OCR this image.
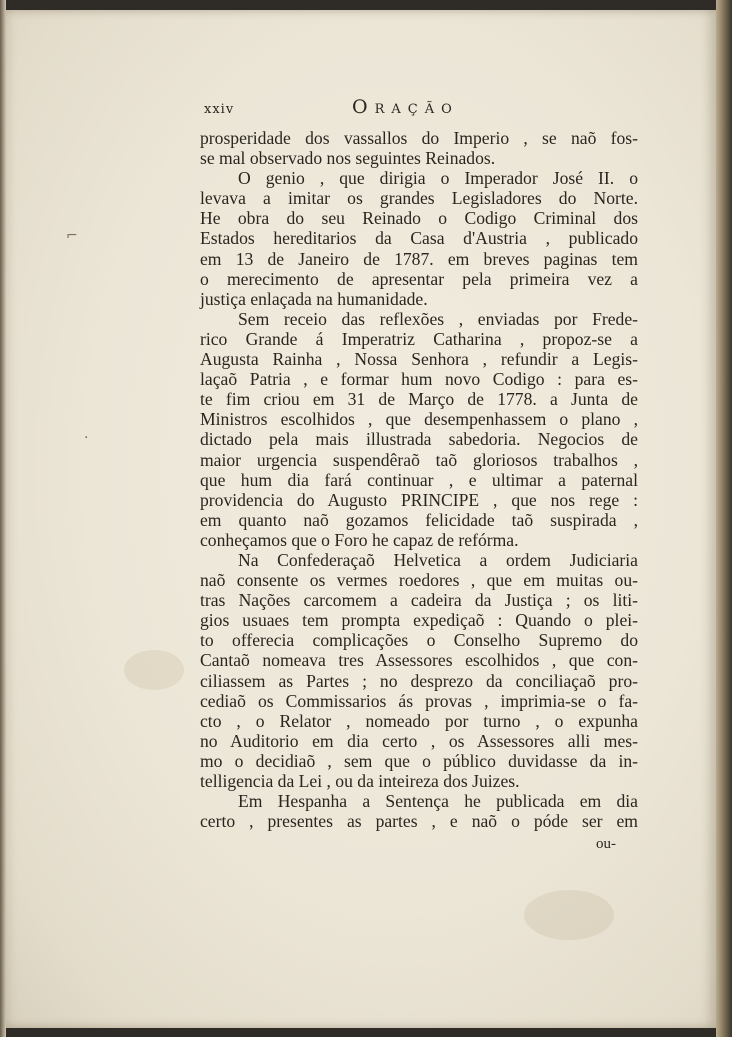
⌐
·
xxiv	Oração
prosperidade dos vassallos do Imperio , se naõ fos-
se mal observado nos seguintes Reinados.
O genio , que dirigia o Imperador José II. o
levava a imitar os grandes Legisladores do Norte.
He obra do seu Reinado o Codigo Criminal dos
Estados hereditarios da Casa d'Austria , publicado
em 13 de Janeiro de 1787. em breves paginas tem
o merecimento de apresentar pela primeira vez a
justiça enlaçada na humanidade.
Sem receio das reflexões , enviadas por Frede-
rico Grande á Imperatriz Catharina , propoz-se a
Augusta Rainha , Nossa Senhora , refundir a Legis-
laçaõ Patria , e formar hum novo Codigo : para es-
te fim criou em 31 de Março de 1778. a Junta de
Ministros escolhidos , que desempenhassem o plano ,
dictado pela mais illustrada sabedoria. Negocios de
maior urgencia suspendêraõ taõ gloriosos trabalhos ,
que hum dia fará continuar , e ultimar a paternal
providencia do Augusto PRINCIPE , que nos rege :
em quanto naõ gozamos felicidade taõ suspirada ,
conheçamos que o Foro he capaz de refórma.
Na Confederaçaõ Helvetica a ordem Judiciaria
naõ consente os vermes roedores , que em muitas ou-
tras Nações carcomem a cadeira da Justiça ; os liti-
gios usuaes tem prompta expediçaõ : Quando o plei-
to offerecia complicações o Conselho Supremo do
Cantaõ nomeava tres Assessores escolhidos , que con-
ciliassem as Partes ; no desprezo da conciliaçaõ pro-
cediaõ os Commissarios ás provas , imprimia-se o fa-
cto , o Relator , nomeado por turno , o expunha
no Auditorio em dia certo , os Assessores alli mes-
mo o decidiaõ , sem que o público duvidasse da in-
telligencia da Lei , ou da inteireza dos Juizes.
Em Hespanha a Sentença he publicada em dia
certo , presentes as partes , e naõ o póde ser em
ou-
